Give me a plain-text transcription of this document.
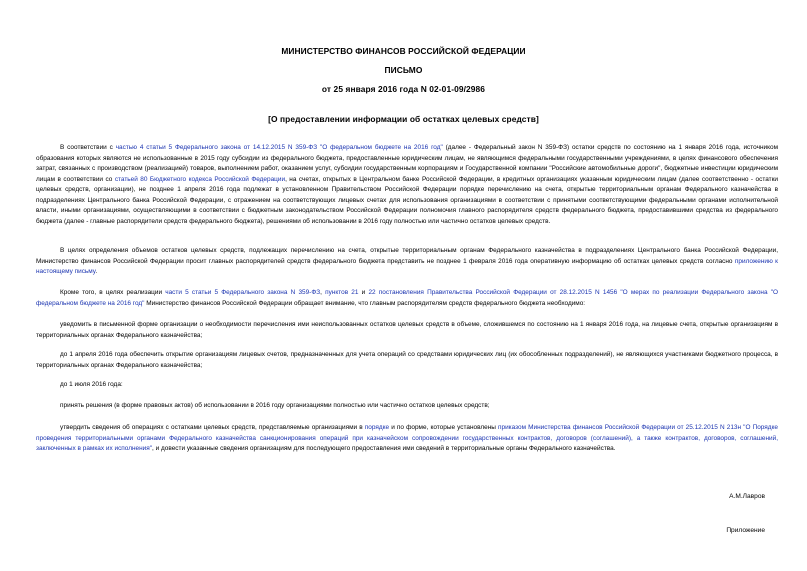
МИНИСТЕРСТВО ФИНАНСОВ РОССИЙСКОЙ ФЕДЕРАЦИИ
ПИСЬМО
от 25 января 2016 года N 02-01-09/2986
[О предоставлении информации об остатках целевых средств]

В соответствии с частью 4 статьи 5 Федерального закона от 14.12.2015 N 359-ФЗ "О федеральном бюджете на 2016 год" (далее - Федеральный закон N 359-ФЗ) остатки средств по состоянию на 1 января 2016 года, источником образования которых являются не использованные в 2015 году субсидии из федерального бюджета, предоставленные юридическим лицам, не являющимся федеральными государственными учреждениями, в целях финансового обеспечения затрат, связанных с производством (реализацией) товаров, выполнением работ, оказанием услуг, субсидии государственным корпорациям и Государственной компании "Российские автомобильные дороги", бюджетные инвестиции юридическим лицам в соответствии со статьей 80 Бюджетного кодекса Российской Федерации, на счетах, открытых в Центральном банке Российской Федерации, в кредитных организациях указанным юридическим лицам (далее соответственно - остатки целевых средств, организации), не позднее 1 апреля 2016 года подлежат в установленном Правительством Российской Федерации порядке перечислению на счета, открытые территориальным органам Федерального казначейства в подразделениях Центрального банка Российской Федерации, с отражением на соответствующих лицевых счетах для использования организациями в соответствии с принятыми соответствующими федеральными органами исполнительной власти, иными организациями, осуществляющими в соответствии с бюджетным законодательством Российской Федерации полномочия главного распорядителя средств федерального бюджета, предоставившими средства из федерального бюджета (далее - главные распорядители средств федерального бюджета), решениями об использовании в 2016 году полностью или частично остатков целевых средств.

В целях определения объемов остатков целевых средств, подлежащих перечислению на счета, открытые территориальным органам Федерального казначейства в подразделениях Центрального банка Российской Федерации, Министерство финансов Российской Федерации просит главных распорядителей средств федерального бюджета представить не позднее 1 февраля 2016 года оперативную информацию об остатках целевых средств согласно приложению к настоящему письму.

Кроме того, в целях реализации части 5 статьи 5 Федерального закона N 359-ФЗ, пунктов 21 и 22 постановления Правительства Российской Федерации от 28.12.2015 N 1456 "О мерах по реализации Федерального закона "О федеральном бюджете на 2016 год" Министерство финансов Российской Федерации обращает внимание, что главным распорядителям средств федерального бюджета необходимо:

уведомить в письменной форме организации о необходимости перечисления ими неиспользованных остатков целевых средств в объеме, сложившемся по состоянию на 1 января 2016 года, на лицевые счета, открытые организациям в территориальных органах Федерального казначейства;

до 1 апреля 2016 года обеспечить открытие организациям лицевых счетов, предназначенных для учета операций со средствами юридических лиц (их обособленных подразделений), не являющихся участниками бюджетного процесса, в территориальных органах Федерального казначейства;

до 1 июля 2016 года:

принять решения (в форме правовых актов) об использовании в 2016 году организациями полностью или частично остатков целевых средств;

утвердить сведения об операциях с остатками целевых средств, представляемые организациями в порядке и по форме, которые установлены приказом Министерства финансов Российской Федерации от 25.12.2015 N 213н "О Порядке проведения территориальными органами Федерального казначейства санкционирования операций при казначейском сопровождении государственных контрактов, договоров (соглашений), а также контрактов, договоров, соглашений, заключенных в рамках их исполнения", и довести указанные сведения организациям для последующего предоставления ими сведений в территориальные органы Федерального казначейства.

А.М.Лавров
Приложение
